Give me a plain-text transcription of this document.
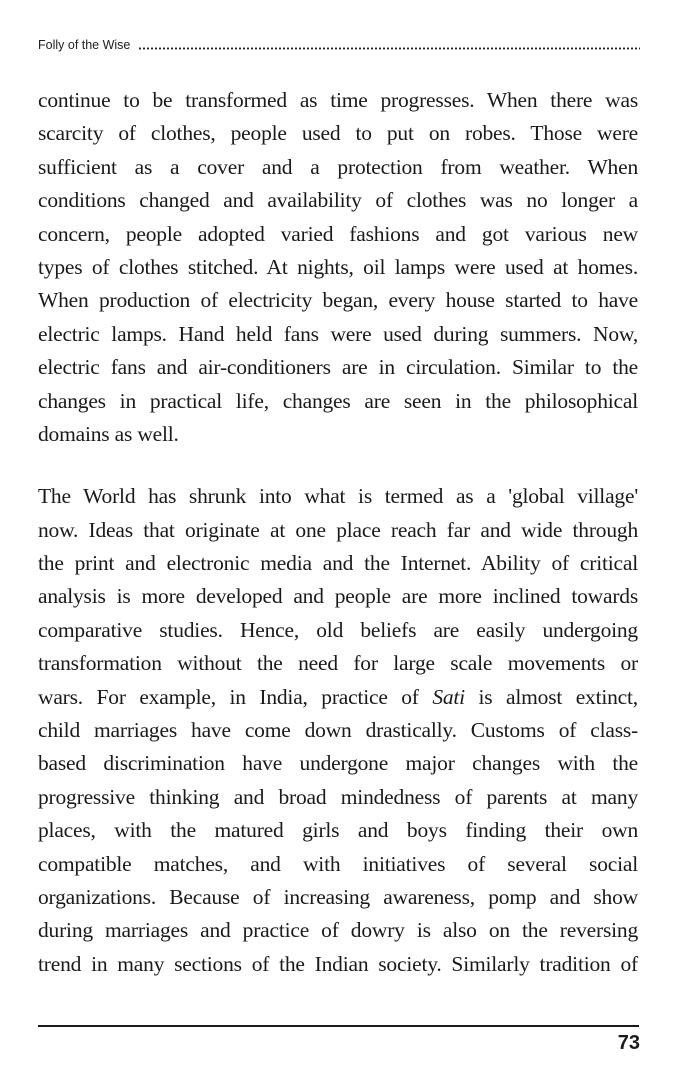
Folly of the Wise
continue to be transformed as time progresses. When there was
scarcity of clothes, people used to put on robes. Those were
sufficient as a cover and a protection from weather. When
conditions changed and availability of clothes was no longer a
concern, people adopted varied fashions and got various new
types of clothes stitched. At nights, oil lamps were used at homes.
When production of electricity began, every house started to have
electric lamps. Hand held fans were used during summers. Now,
electric fans and air-conditioners are in circulation. Similar to the
changes in practical life, changes are seen in the philosophical
domains as well.
The World has shrunk into what is termed as a 'global village'
now. Ideas that originate at one place reach far and wide through
the print and electronic media and the Internet. Ability of critical
analysis is more developed and people are more inclined towards
comparative studies. Hence, old beliefs are easily undergoing
transformation without the need for large scale movements or
wars. For example, in India, practice of Sati is almost extinct,
child marriages have come down drastically. Customs of class-
based discrimination have undergone major changes with the
progressive thinking and broad mindedness of parents at many
places, with the matured girls and boys finding their own
compatible matches, and with initiatives of several social
organizations. Because of increasing awareness, pomp and show
during marriages and practice of dowry is also on the reversing
trend in many sections of the Indian society. Similarly tradition of
73
